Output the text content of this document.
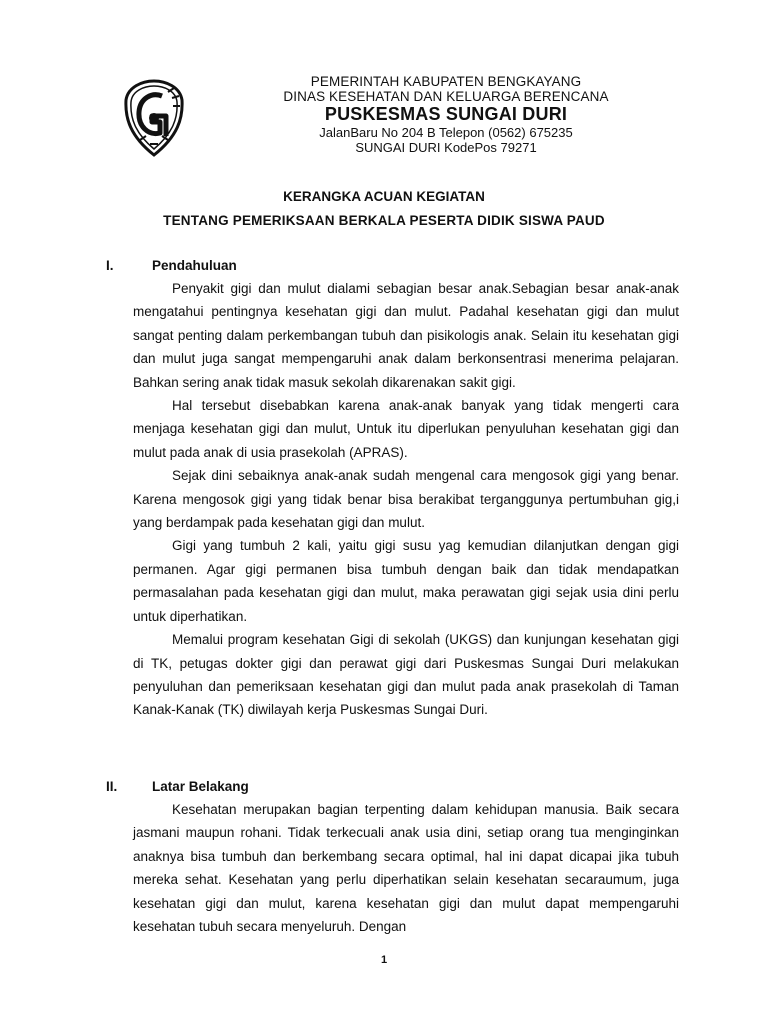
PEMERINTAH KABUPATEN BENGKAYANG
DINAS KESEHATAN DAN KELUARGA BERENCANA
PUSKESMAS SUNGAI DURI
JalanBaru No 204 B Telepon (0562) 675235
SUNGAI DURI KodePos 79271
KERANGKA ACUAN KEGIATAN
TENTANG PEMERIKSAAN BERKALA PESERTA DIDIK SISWA PAUD
I.	Pendahuluan

Penyakit gigi dan mulut dialami sebagian besar anak.Sebagian besar anak-anak mengatahui pentingnya kesehatan gigi dan mulut. Padahal kesehatan gigi dan mulut sangat penting dalam perkembangan tubuh dan pisikologis anak. Selain itu kesehatan gigi dan mulut juga sangat mempengaruhi anak dalam berkonsentrasi menerima pelajaran. Bahkan sering anak tidak masuk sekolah dikarenakan sakit gigi.

Hal tersebut disebabkan karena anak-anak banyak yang tidak mengerti cara menjaga kesehatan gigi dan mulut, Untuk itu diperlukan penyuluhan kesehatan gigi dan mulut pada anak di usia prasekolah (APRAS).

Sejak dini sebaiknya anak-anak sudah mengenal cara mengosok gigi yang benar. Karena mengosok gigi yang tidak benar bisa berakibat terganggunya pertumbuhan gig,i yang berdampak pada kesehatan gigi dan mulut.

Gigi yang tumbuh 2 kali, yaitu gigi susu yag kemudian dilanjutkan dengan gigi permanen. Agar gigi permanen bisa tumbuh dengan baik dan tidak mendapatkan permasalahan pada kesehatan gigi dan mulut, maka perawatan gigi sejak usia dini perlu untuk diperhatikan.

Memalui program kesehatan Gigi di sekolah (UKGS) dan kunjungan kesehatan gigi di TK, petugas dokter gigi dan perawat gigi dari Puskesmas Sungai Duri melakukan penyuluhan dan pemeriksaan kesehatan gigi dan mulut pada anak prasekolah di Taman Kanak-Kanak (TK) diwilayah kerja Puskesmas Sungai Duri.

II.	Latar Belakang

Kesehatan merupakan bagian terpenting dalam kehidupan manusia. Baik secara jasmani maupun rohani. Tidak terkecuali anak usia dini, setiap orang tua menginginkan anaknya bisa tumbuh dan berkembang secara optimal, hal ini dapat dicapai jika tubuh mereka sehat. Kesehatan yang perlu diperhatikan selain kesehatan secaraumum, juga kesehatan gigi dan mulut, karena kesehatan gigi dan mulut dapat mempengaruhi kesehatan tubuh secara menyeluruh. Dengan

1
